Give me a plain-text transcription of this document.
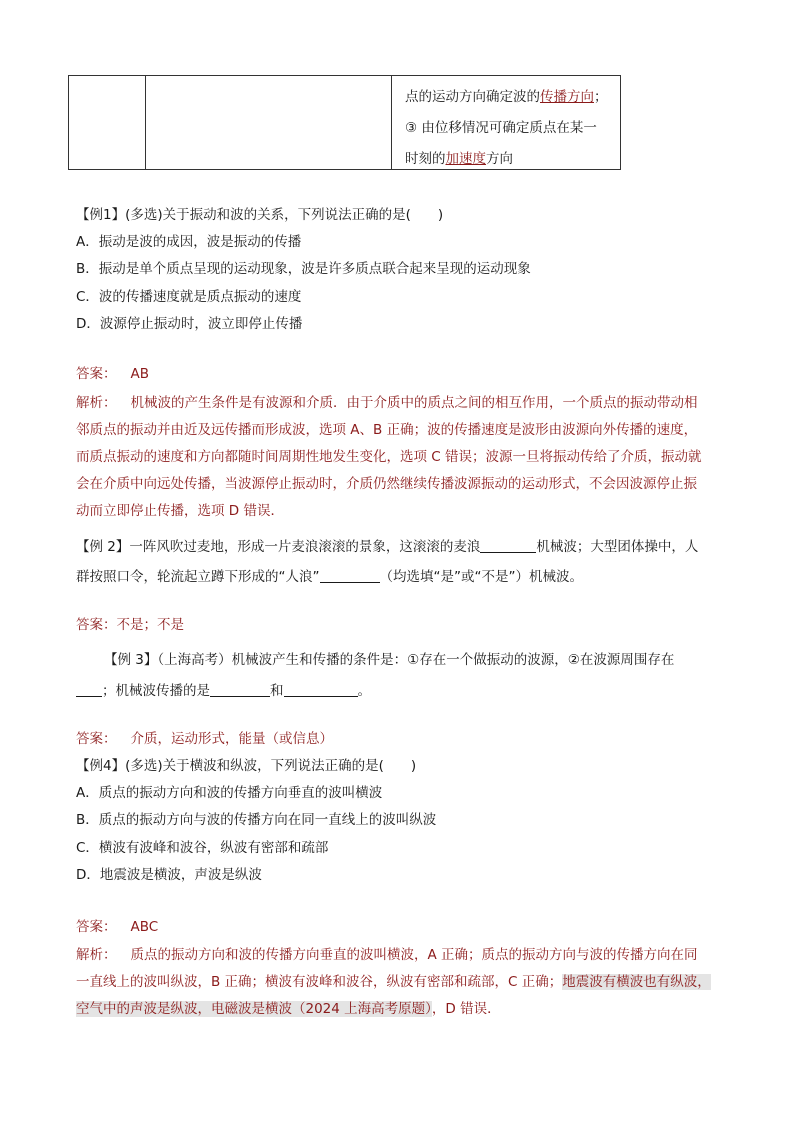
点的运动方向确定波的传播方向；
③ 由位移情况可确定质点在某一
时刻的加速度方向
【例1】(多选)关于振动和波的关系，下列说法正确的是(　　)
A．振动是波的成因，波是振动的传播
B．振动是单个质点呈现的运动现象，波是许多质点联合起来呈现的运动现象
C．波的传播速度就是质点振动的速度
D．波源停止振动时，波立即停止传播
答案： AB
解析： 机械波的产生条件是有波源和介质．由于介质中的质点之间的相互作用，一个质点的振动带动相
邻质点的振动并由近及远传播而形成波，选项 A、B 正确；波的传播速度是波形由波源向外传播的速度，
而质点振动的速度和方向都随时间周期性地发生变化，选项 C 错误；波源一旦将振动传给了介质，振动就
会在介质中向远处传播，当波源停止振动时，介质仍然继续传播波源振动的运动形式，不会因波源停止振
动而立即停止传播，选项 D 错误．
【例 2】一阵风吹过麦地，形成一片麦浪滚滚的景象，这滚滚的麦浪	机械波；大型团体操中，人
群按照口令，轮流起立蹲下形成的“人浪”	（均选填“是”或“不是”）机械波。
答案：不是；不是
【例 3】（上海高考）机械波产生和传播的条件是：①存在一个做振动的波源，②在波源周围存在
；机械波传播的是	和	。
答案： 介质，运动形式，能量（或信息）
【例4】(多选)关于横波和纵波，下列说法正确的是(　　)
A．质点的振动方向和波的传播方向垂直的波叫横波
B．质点的振动方向与波的传播方向在同一直线上的波叫纵波
C．横波有波峰和波谷，纵波有密部和疏部
D．地震波是横波，声波是纵波
答案： ABC
解析： 质点的振动方向和波的传播方向垂直的波叫横波，A 正确；质点的振动方向与波的传播方向在同
一直线上的波叫纵波，B 正确；横波有波峰和波谷，纵波有密部和疏部，C 正确；地震波有横波也有纵波，
空气中的声波是纵波，电磁波是横波（2024 上海高考原题），D 错误．
